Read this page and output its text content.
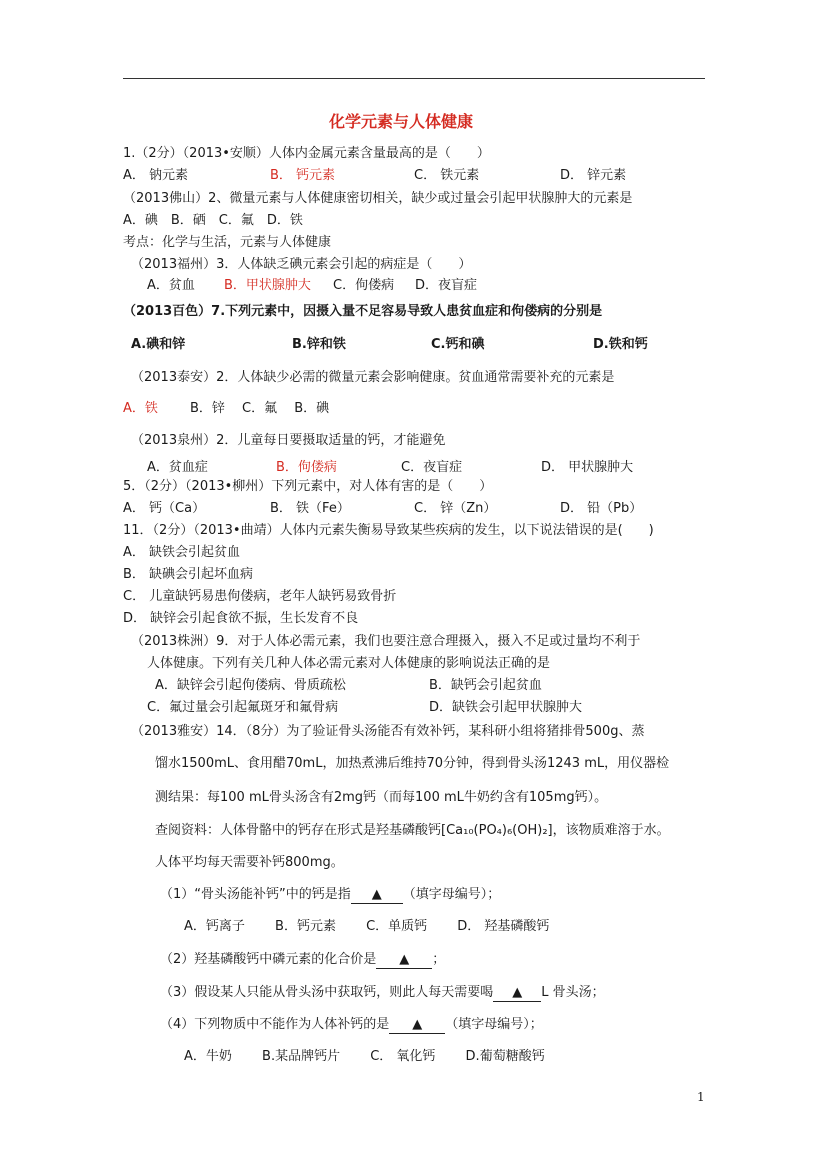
化学元素与人体健康
1.（2分）（2013•安顺）人体内金属元素含量最高的是（　　）
A． 钠元素	B． 钙元素	C． 铁元素	D． 锌元素
（2013佛山）2、微量元素与人体健康密切相关，缺少或过量会引起甲状腺肿大的元素是
A．碘　B．硒　C．氟　D．铁
考点：化学与生活，元素与人体健康
（2013福州）3．人体缺乏碘元素会引起的病症是（　　）
A．贫血 B．甲状腺肿大 C．佝偻病 D．夜盲症
（2013百色）7.下列元素中，因摄入量不足容易导致人患贫血症和佝偻病的分别是
A.碘和锌	B.锌和铁	C.钙和碘	D.铁和钙
（2013泰安）2．人体缺少必需的微量元素会影响健康。贫血通常需要补充的元素是
A．铁 B．锌　 C．氟　 B．碘
（2013泉州）2．儿童每日要摄取适量的钙，才能避免
A．贫血症	B．佝偻病	C．夜盲症	D． 甲状腺肿大
5．（2分）（2013•柳州）下列元素中，对人体有害的是（　　）
A． 钙（Ca）	B． 铁（Fe）	C． 锌（Zn）	D． 铅（Pb）
11．（2分）（2013•曲靖）人体内元素失衡易导致某些疾病的发生，以下说法错误的是(　　)
A． 缺铁会引起贫血
B． 缺碘会引起坏血病
C． 儿童缺钙易患佝偻病，老年人缺钙易致骨折
D． 缺锌会引起食欲不振，生长发育不良
（2013株洲）9．对于人体必需元素，我们也要注意合理摄入，摄入不足或过量均不利于
人体健康。下列有关几种人体必需元素对人体健康的影响说法正确的是
A．缺锌会引起佝偻病、骨质疏松	B．缺钙会引起贫血
C．氟过量会引起氟斑牙和氟骨病	D．缺铁会引起甲状腺肿大
（2013雅安）14．（8分）为了验证骨头汤能否有效补钙，某科研小组将猪排骨500g、蒸
馏水1500mL、食用醋70mL，加热煮沸后维持70分钟，得到骨头汤1243 mL，用仪器检
测结果：每100 mL骨头汤含有2mg钙（而每100 mL牛奶约含有105mg钙）。
查阅资料：人体骨骼中的钙存在形式是羟基磷酸钙[Ca₁₀(PO₄)₆(OH)₂]，该物质难溶于水。
人体平均每天需要补钙800mg。
（1）“骨头汤能补钙”中的钙是指 ▲ （填字母编号）；
A．钙离子　　 B．钙元素　　 C．单质钙　　 D． 羟基磷酸钙
（2）羟基磷酸钙中磷元素的化合价是 ▲ ；
（3）假设某人只能从骨头汤中获取钙，则此人每天需要喝 ▲ L 骨头汤；
（4）下列物质中不能作为人体补钙的是 ▲ （填字母编号）；
A．牛奶　　 B.某品牌钙片　　 C． 氧化钙　　 D.葡萄糖酸钙
1
